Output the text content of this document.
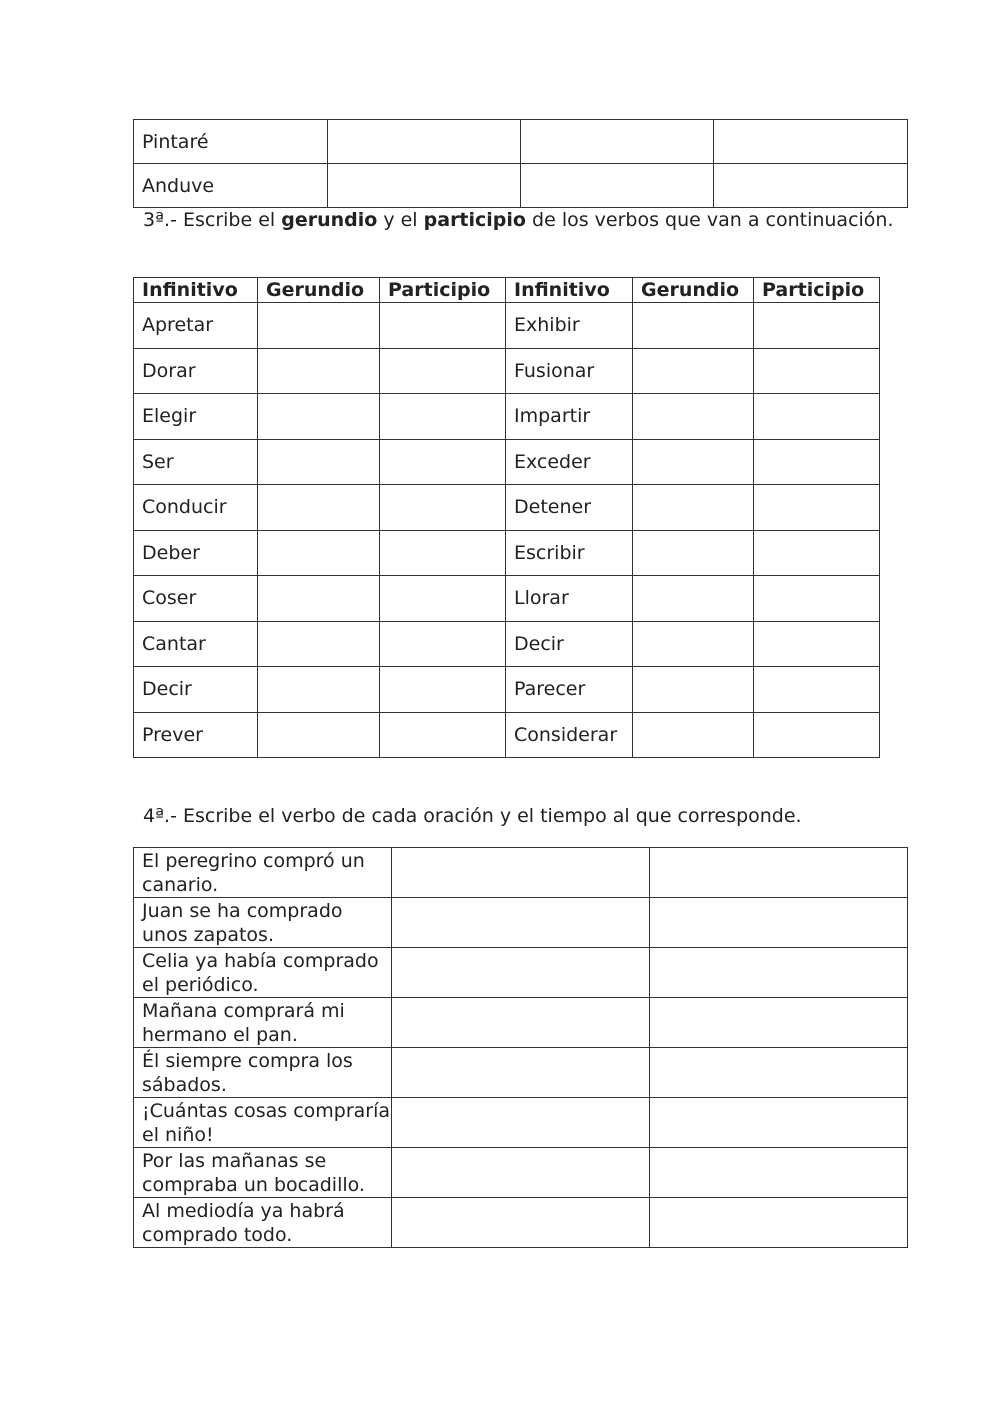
Pintaré			
Anduve			
3ª.- Escribe el gerundio y el participio de los verbos que van a continuación.
Infinitivo	Gerundio	Participio	Infinitivo	Gerundio	Participio
Apretar			Exhibir		
Dorar			Fusionar		
Elegir			Impartir		
Ser			Exceder		
Conducir			Detener		
Deber			Escribir		
Coser			Llorar		
Cantar			Decir		
Decir			Parecer		
Prever			Considerar		
4ª.- Escribe el verbo de cada oración y el tiempo al que corresponde.
El peregrino compró un canario.		
Juan se ha comprado unos zapatos.		
Celia ya había comprado el periódico.		
Mañana comprará mi hermano el pan.		
Él siempre compra los sábados.		
¡Cuántas cosas compraría el niño!		
Por las mañanas se compraba un bocadillo.		
Al mediodía ya habrá comprado todo.		
